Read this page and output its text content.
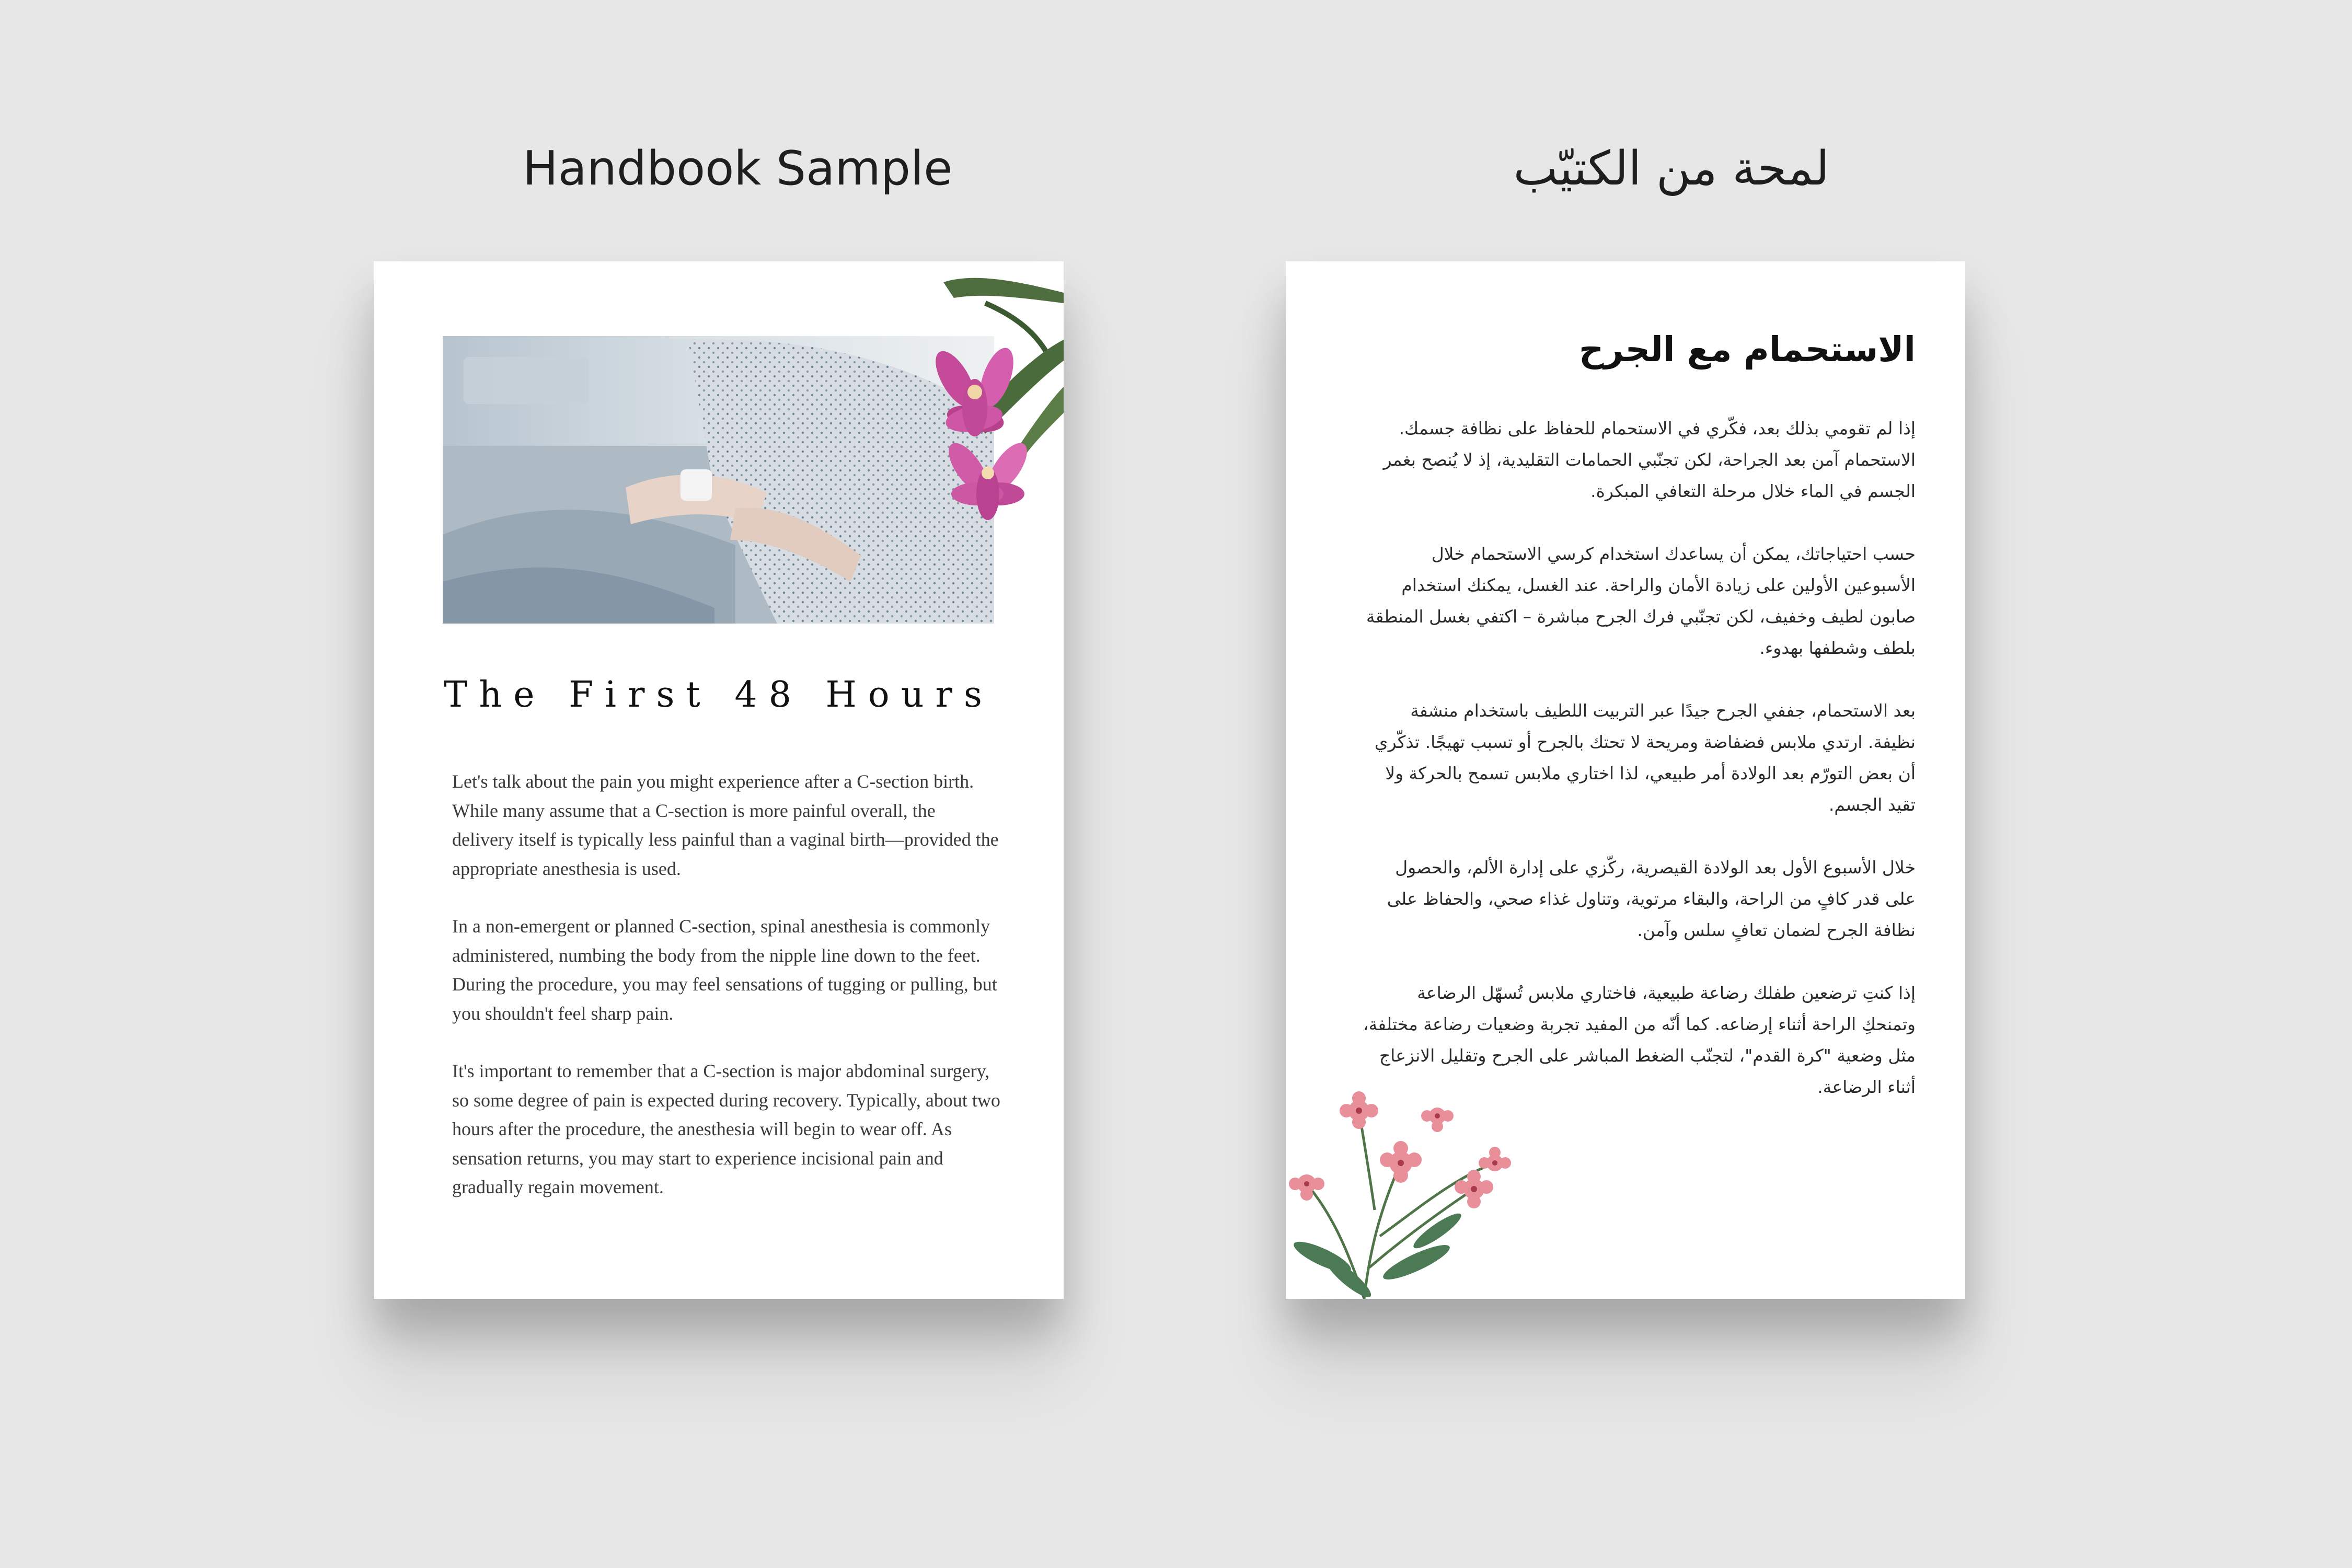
Handbook Sample	لمحة من الكتيّب
The First 48 Hours
Let's talk about the pain you might experience after a C-section birth. While many assume that a C-section is more painful overall, the delivery itself is typically less painful than a vaginal birth—provided the appropriate anesthesia is used.
In a non-emergent or planned C-section, spinal anesthesia is commonly administered, numbing the body from the nipple line down to the feet. During the procedure, you may feel sensations of tugging or pulling, but you shouldn't feel sharp pain.
It's important to remember that a C-section is major abdominal surgery, so some degree of pain is expected during recovery. Typically, about two hours after the procedure, the anesthesia will begin to wear off. As sensation returns, you may start to experience incisional pain and gradually regain movement.
الاستحمام مع الجرح
إذا لم تقومي بذلك بعد، فكّري في الاستحمام للحفاظ على نظافة جسمك. الاستحمام آمن بعد الجراحة، لكن تجنّبي الحمامات التقليدية، إذ لا يُنصح بغمر الجسم في الماء خلال مرحلة التعافي المبكرة.
حسب احتياجاتك، يمكن أن يساعدك استخدام كرسي الاستحمام خلال الأسبوعين الأولين على زيادة الأمان والراحة. عند الغسل، يمكنك استخدام صابون لطيف وخفيف، لكن تجنّبي فرك الجرح مباشرة – اكتفي بغسل المنطقة بلطف وشطفها بهدوء.
بعد الاستحمام، جففي الجرح جيدًا عبر التربيت اللطيف باستخدام منشفة نظيفة. ارتدي ملابس فضفاضة ومريحة لا تحتك بالجرح أو تسبب تهيجًا. تذكّري أن بعض التورّم بعد الولادة أمر طبيعي، لذا اختاري ملابس تسمح بالحركة ولا تقيد الجسم.
خلال الأسبوع الأول بعد الولادة القيصرية، ركّزي على إدارة الألم، والحصول على قدر كافٍ من الراحة، والبقاء مرتوية، وتناول غذاء صحي، والحفاظ على نظافة الجرح لضمان تعافٍ سلس وآمن.
إذا كنتِ ترضعين طفلك رضاعة طبيعية، فاختاري ملابس تُسهّل الرضاعة وتمنحكِ الراحة أثناء إرضاعه. كما أنّه من المفيد تجربة وضعيات رضاعة مختلفة، مثل وضعية "كرة القدم"، لتجنّب الضغط المباشر على الجرح وتقليل الانزعاج أثناء الرضاعة.
